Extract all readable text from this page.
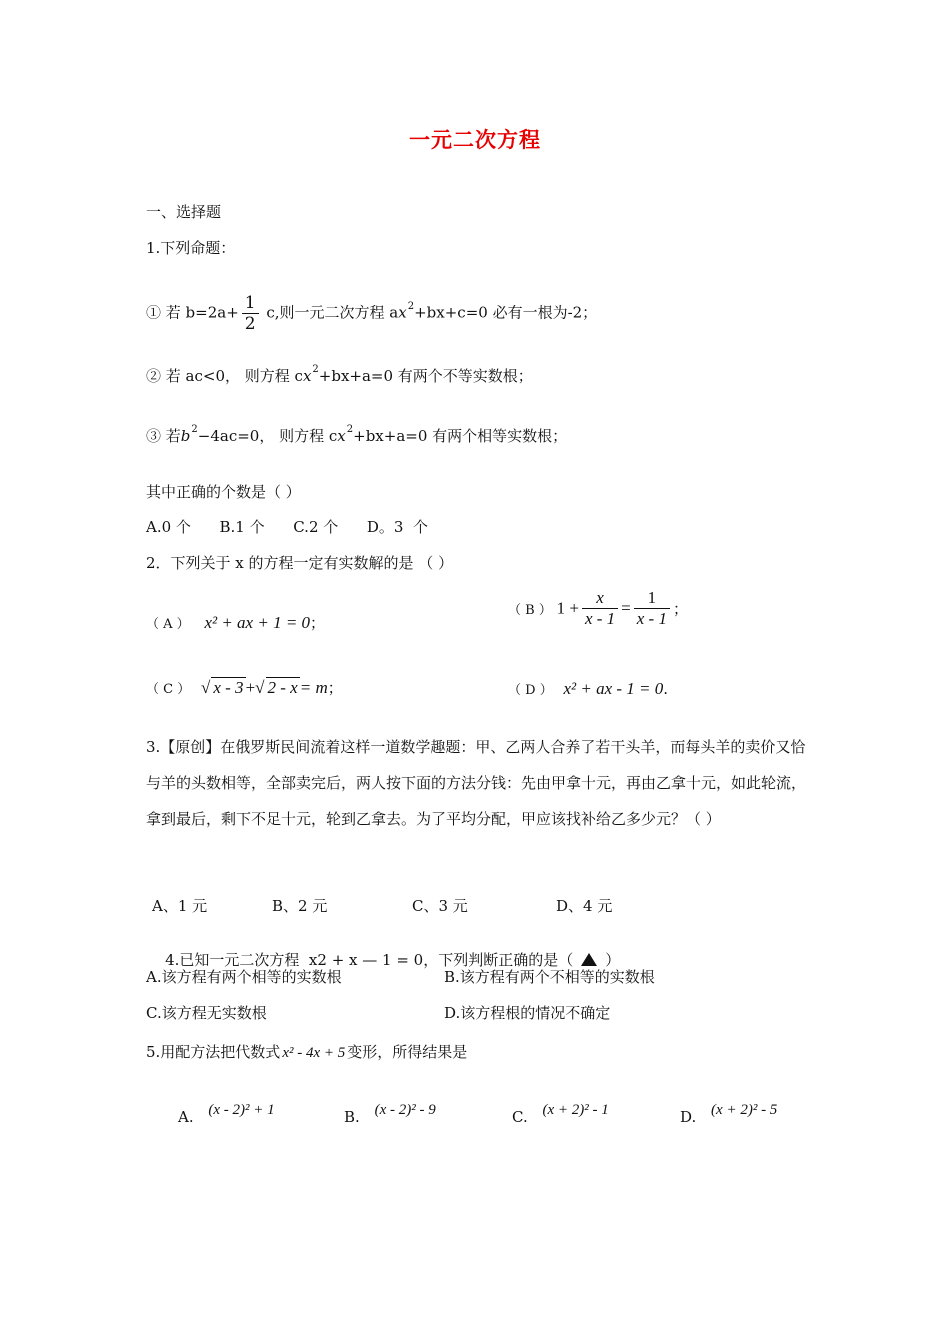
一元二次方程
一、选择题
1.下列命题：
① 若 $b=2a+ \frac{1}{2} c$,则一元二次方程 $ax^2+bx+c=0$ 必有一根为-2；
② 若 ac<0， 则方程 $cx^2+bx+a=0$ 有两个不等实数根；
③ 若$b^2-4ac=0$， 则方程 $cx^2+bx+a=0$ 有两个相等实数根；
其中正确的个数是（ ）
A.0 个      B.1 个      C.2 个      D。3  个
2．下列关于 x 的方程一定有实数解的是 （ ）
（ A ） x² + ax + 1 = 0；
（ B ） $1 + \frac{x}{x - 1} = \frac{1}{x - 1}$ ；
（ C ） √ x - 3 +√ 2 - x = m；	（ D ） x² + ax - 1 = 0.
3.【原创】在俄罗斯民间流着这样一道数学趣题：甲、乙两人合养了若干头羊，而每头羊的卖价又恰与羊的头数相等，全部卖完后，两人按下面的方法分钱：先由甲拿十元，再由乙拿十元，如此轮流，拿到最后，剩下不足十元，轮到乙拿去。为了平均分配，甲应该找补给乙多少元？（ ）
A、1 元	B、2 元	C、3 元	D、4 元

4.已知一元二次方程  x2 + x — 1 = 0，下列判断正确的是（ ）

A.该方程有两个相等的实数根	B.该方程有两个不相等的实数根
C.该方程无实数根	D.该方程根的情况不确定
5.用配方法把代数式 x² - 4x + 5 变形，所得结果是
A. (x - 2)² + 1	B. (x - 2)² - 9	C. (x + 2)² - 1	D. (x + 2)² - 5
